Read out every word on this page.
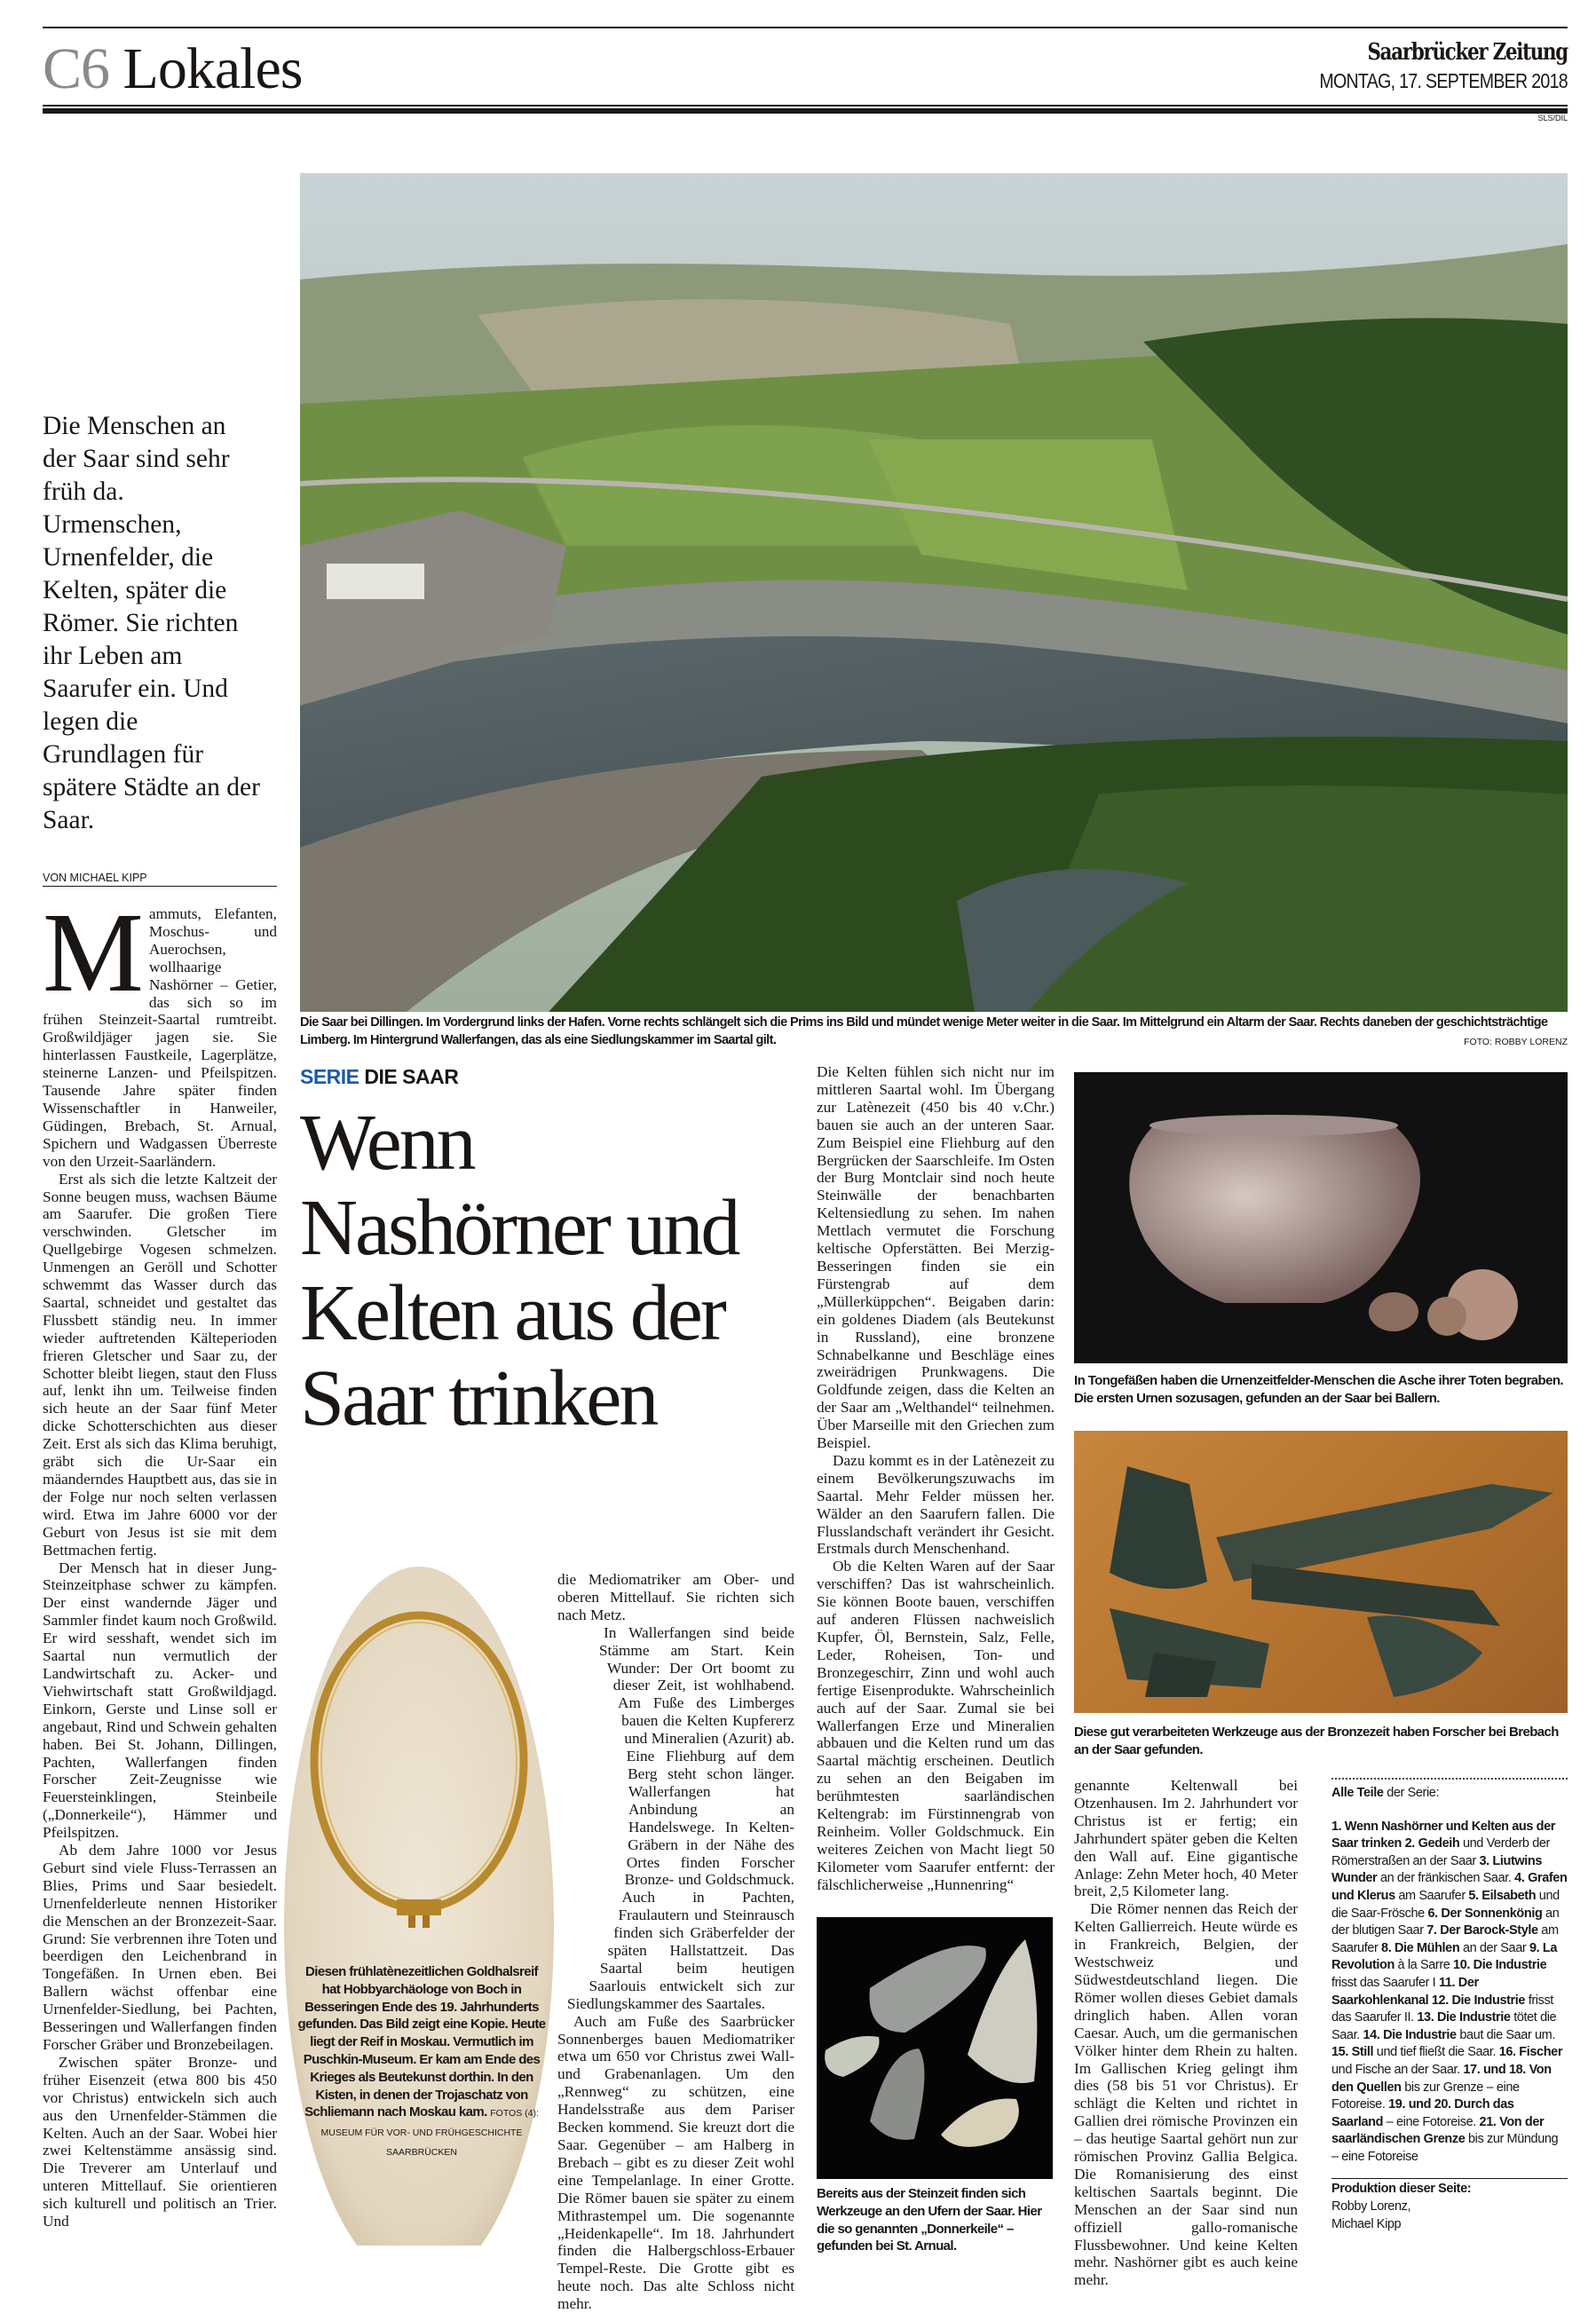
C6 Lokales	Saarbrücker Zeitung
MONTAG, 17. SEPTEMBER 2018
SLS/DIL
Die Menschen an der Saar sind sehr früh da. Urmenschen, Urnenfelder, die Kelten, später die Römer. Sie richten ihr Leben am Saarufer ein. Und legen die Grundlagen für spätere Städte an der Saar.
VON MICHAEL KIPP
M ammuts, Elefanten, Moschus- und Auerochsen, wollhaarige Nashörner – Getier, das sich so im frühen Steinzeit-Saartal rumtreibt. Großwildjäger jagen sie. Sie hinterlassen Faustkeile, Lagerplätze, steinerne Lanzen- und Pfeilspitzen. Tausende Jahre später finden Wissenschaftler in Hanweiler, Güdingen, Brebach, St. Arnual, Spichern und Wadgassen Überreste von den Urzeit-Saarländern.

Erst als sich die letzte Kaltzeit der Sonne beugen muss, wachsen Bäume am Saarufer. Die großen Tiere verschwinden. Gletscher im Quellgebirge Vogesen schmelzen. Unmengen an Geröll und Schotter schwemmt das Wasser durch das Saartal, schneidet und gestaltet das Flussbett ständig neu. In immer wieder auftretenden Kälteperioden frieren Gletscher und Saar zu, der Schotter bleibt liegen, staut den Fluss auf, lenkt ihn um. Teilweise finden sich heute an der Saar fünf Meter dicke Schotterschichten aus dieser Zeit. Erst als sich das Klima beruhigt, gräbt sich die Ur-Saar ein mäanderndes Hauptbett aus, das sie in der Folge nur noch selten verlassen wird. Etwa im Jahre 6000 vor der Geburt von Jesus ist sie mit dem Bettmachen fertig.

Der Mensch hat in dieser Jung-Steinzeitphase schwer zu kämpfen. Der einst wandernde Jäger und Sammler findet kaum noch Großwild. Er wird sesshaft, wendet sich im Saartal nun vermutlich der Landwirtschaft zu. Acker- und Viehwirtschaft statt Großwildjagd. Einkorn, Gerste und Linse soll er angebaut, Rind und Schwein gehalten haben. Bei St. Johann, Dillingen, Pachten, Wallerfangen finden Forscher Zeit-Zeugnisse wie Feuersteinklingen, Steinbeile („Donnerkeile“), Hämmer und Pfeilspitzen.

Ab dem Jahre 1000 vor Jesus Geburt sind viele Fluss-Terrassen an Blies, Prims und Saar besiedelt. Urnenfelderleute nennen Historiker die Menschen an der Bronzezeit-Saar. Grund: Sie verbrennen ihre Toten und beerdigen den Leichenbrand in Tongefäßen. In Urnen eben. Bei Ballern wächst offenbar eine Urnenfelder-Siedlung, bei Pachten, Besseringen und Wallerfangen finden Forscher Gräber und Bronzebeilagen.

Zwischen später Bronze- und früher Eisenzeit (etwa 800 bis 450 vor Christus) entwickeln sich auch aus den Urnenfelder-Stämmen die Kelten. Auch an der Saar. Wobei hier zwei Keltenstämme ansässig sind. Die Treverer am Unterlauf und unteren Mittellauf. Sie orientieren sich kulturell und politisch an Trier. Und

Die Saar bei Dillingen. Im Vordergrund links der Hafen. Vorne rechts schlängelt sich die Prims ins Bild und mündet wenige Meter weiter in die Saar. Im Mittelgrund ein Altarm der Saar. Rechts daneben der geschichtsträchtige Limberg. Im Hintergrund Wallerfangen, das als eine Siedlungskammer im Saartal gilt.	FOTO: ROBBY LORENZ
SERIE DIE SAAR
Wenn Nashörner und Kelten aus der Saar trinken
Diesen frühlatènezeitlichen Goldhalsreif hat Hobbyarchäologe von Boch in Besseringen Ende des 19. Jahrhunderts gefunden. Das Bild zeigt eine Kopie. Heute liegt der Reif in Moskau. Vermutlich im Puschkin-Museum. Er kam am Ende des Krieges als Beutekunst dorthin. In den Kisten, in denen der Trojaschatz von Schliemann nach Moskau kam. FOTOS (4): MUSEUM FÜR VOR- UND FRÜHGESCHICHTE SAARBRÜCKEN

die Mediomatriker am Ober- und oberen Mittellauf. Sie richten sich nach Metz.

In Wallerfangen sind beide Stämme am Start. Kein Wunder: Der Ort boomt zu dieser Zeit, ist wohlhabend. Am Fuße des Limberges bauen die Kelten Kupfererz und Mineralien (Azurit) ab. Eine Fliehburg auf dem Berg steht schon länger. Wallerfangen hat Anbindung an Handelswege. In Kelten-Gräbern in der Nähe des Ortes finden Forscher Bronze- und Goldschmuck. Auch in Pachten, Fraulautern und Steinrausch finden sich Gräberfelder der späten Hallstattzeit. Das Saartal beim heutigen Saarlouis entwickelt sich zur Siedlungskammer des Saartales.

Auch am Fuße des Saarbrücker Sonnenberges bauen Mediomatriker etwa um 650 vor Christus zwei Wall- und Grabenanlagen. Um den „Rennweg“ zu schützen, eine Handelsstraße aus dem Pariser Becken kommend. Sie kreuzt dort die Saar. Gegenüber – am Halberg in Brebach – gibt es zu dieser Zeit wohl eine Tempelanlage. In einer Grotte. Die Römer bauen sie später zu einem Mithrastempel um. Die sogenannte „Heidenkapelle“. Im 18. Jahrhundert finden die Halbergschloss-Erbauer Tempel-Reste. Die Grotte gibt es heute noch. Das alte Schloss nicht mehr.

Die Kelten fühlen sich nicht nur im mittleren Saartal wohl. Im Übergang zur Latènezeit (450 bis 40 v.Chr.) bauen sie auch an der unteren Saar. Zum Beispiel eine Fliehburg auf den Bergrücken der Saarschleife. Im Osten der Burg Montclair sind noch heute Steinwälle der benachbarten Keltensiedlung zu sehen. Im nahen Mettlach vermutet die Forschung keltische Opferstätten. Bei Merzig-Besseringen finden sie ein Fürstengrab auf dem „Müllerküppchen“. Beigaben darin: ein goldenes Diadem (als Beutekunst in Russland), eine bronzene Schnabelkanne und Beschläge eines zweirädrigen Prunkwagens. Die Goldfunde zeigen, dass die Kelten an der Saar am „Welthandel“ teilnehmen. Über Marseille mit den Griechen zum Beispiel.

Dazu kommt es in der Latènezeit zu einem Bevölkerungszuwachs im Saartal. Mehr Felder müssen her. Wälder an den Saarufern fallen. Die Flusslandschaft verändert ihr Gesicht. Erstmals durch Menschenhand.

Ob die Kelten Waren auf der Saar verschiffen? Das ist wahrscheinlich. Sie können Boote bauen, verschiffen auf anderen Flüssen nachweislich Kupfer, Öl, Bernstein, Salz, Felle, Leder, Roheisen, Ton- und Bronzegeschirr, Zinn und wohl auch fertige Eisenprodukte. Wahrscheinlich auch auf der Saar. Zumal sie bei Wallerfangen Erze und Mineralien abbauen und die Kelten rund um das Saartal mächtig erscheinen. Deutlich zu sehen an den Beigaben im berühmtesten saarländischen Keltengrab: im Fürstinnengrab von Reinheim. Voller Goldschmuck. Ein weiteres Zeichen von Macht liegt 50 Kilometer vom Saarufer entfernt: der fälschlicherweise „Hunnenring“

Bereits aus der Steinzeit finden sich Werkzeuge an den Ufern der Saar. Hier die so genannten „Donnerkeile“ – gefunden bei St. Arnual.
In Tongefäßen haben die Urnenzeitfelder-Menschen die Asche ihrer Toten begraben. Die ersten Urnen sozusagen, gefunden an der Saar bei Ballern.
Diese gut verarbeiteten Werkzeuge aus der Bronzezeit haben Forscher bei Brebach an der Saar gefunden.

genannte Keltenwall bei Otzenhausen. Im 2. Jahrhundert vor Christus ist er fertig; ein Jahrhundert später geben die Kelten den Wall auf. Eine gigantische Anlage: Zehn Meter hoch, 40 Meter breit, 2,5 Kilometer lang.

Die Römer nennen das Reich der Kelten Gallierreich. Heute würde es in Frankreich, Belgien, der Westschweiz und Südwestdeutschland liegen. Die Römer wollen dieses Gebiet damals dringlich haben. Allen voran Caesar. Auch, um die germanischen Völker hinter dem Rhein zu halten. Im Gallischen Krieg gelingt ihm dies (58 bis 51 vor Christus). Er schlägt die Kelten und richtet in Gallien drei römische Provinzen ein – das heutige Saartal gehört nun zur römischen Provinz Gallia Belgica. Die Romanisierung des einst keltischen Saartals beginnt. Die Menschen an der Saar sind nun offiziell gallo-romanische Flussbewohner. Und keine Kelten mehr. Nashörner gibt es auch keine mehr.

Alle Teile der Serie:
1. Wenn Nashörner und Kelten aus der Saar trinken 2. Gedeih und Verderb der Römerstraßen an der Saar 3. Liutwins Wunder an der fränkischen Saar. 4. Grafen und Klerus am Saarufer 5. Eilsabeth und die Saar-Frösche 6. Der Sonnenkönig an der blutigen Saar 7. Der Barock-Style am Saarufer 8. Die Mühlen an der Saar 9. La Revolution à la Sarre 10. Die Industrie frisst das Saarufer I 11. Der Saarkohlenkanal 12. Die Industrie frisst das Saarufer II. 13. Die Industrie tötet die Saar. 14. Die Industrie baut die Saar um. 15. Still und tief fließt die Saar. 16. Fischer und Fische an der Saar. 17. und 18. Von den Quellen bis zur Grenze – eine Fotoreise. 19. und 20. Durch das Saarland – eine Fotoreise. 21. Von der saarländischen Grenze bis zur Mündung – eine Fotoreise
Produktion dieser Seite:
Robby Lorenz,
Michael Kipp
